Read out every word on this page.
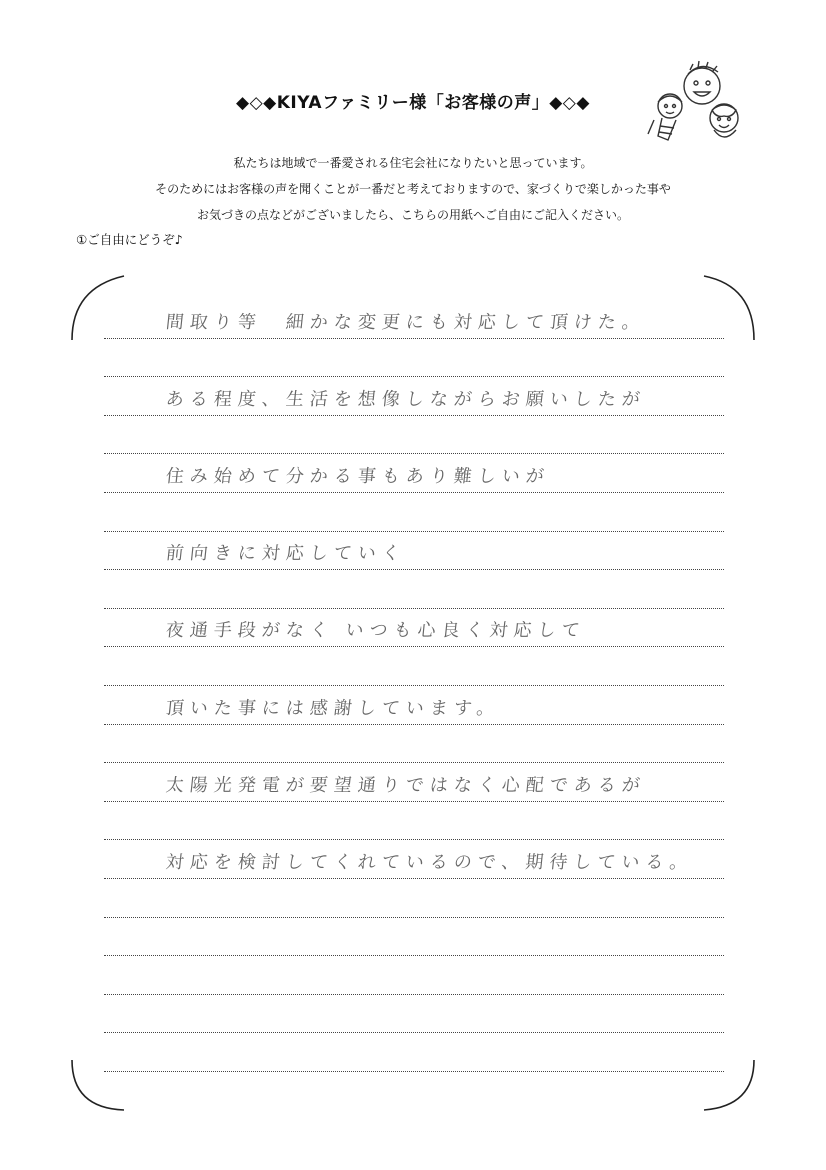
◆◇◆KIYAファミリー様「お客様の声」◆◇◆
私たちは地域で一番愛される住宅会社になりたいと思っています。
そのためにはお客様の声を聞くことが一番だと考えておりますので、家づくりで楽しかった事や
お気づきの点などがございましたら、こちらの用紙へご自由にご記入ください。
①ご自由にどうぞ♪
間取り等　細かな変更にも対応して頂けた。
ある程度、生活を想像しながらお願いしたが
住み始めて分かる事もあり難しいが
前向きに対応していく
夜通手段がなく いつも心良く対応して
頂いた事には感謝しています。
太陽光発電が要望通りではなく心配であるが
対応を検討してくれているので、期待している。
